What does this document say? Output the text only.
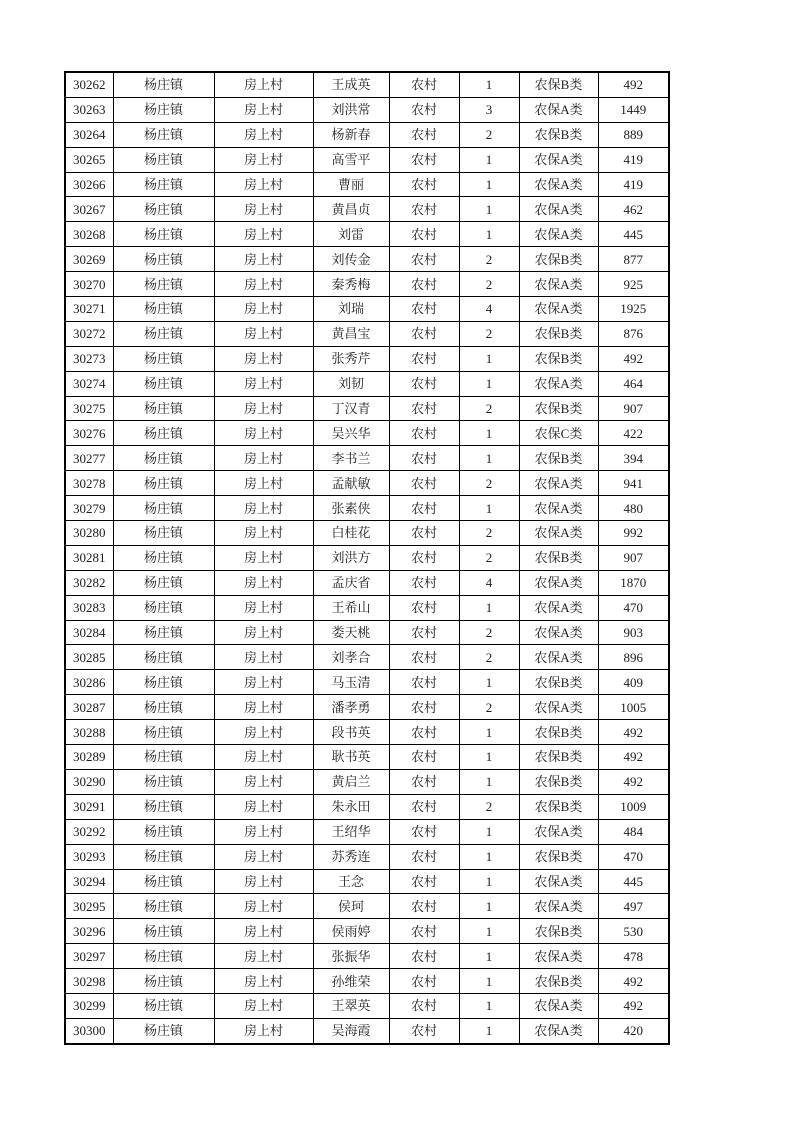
30262	杨庄镇	房上村	王成英	农村	1	农保B类	492
30263	杨庄镇	房上村	刘洪常	农村	3	农保A类	1449
30264	杨庄镇	房上村	杨新春	农村	2	农保B类	889
30265	杨庄镇	房上村	高雪平	农村	1	农保A类	419
30266	杨庄镇	房上村	曹丽	农村	1	农保A类	419
30267	杨庄镇	房上村	黄昌贞	农村	1	农保A类	462
30268	杨庄镇	房上村	刘雷	农村	1	农保A类	445
30269	杨庄镇	房上村	刘传金	农村	2	农保B类	877
30270	杨庄镇	房上村	秦秀梅	农村	2	农保A类	925
30271	杨庄镇	房上村	刘瑞	农村	4	农保A类	1925
30272	杨庄镇	房上村	黄昌宝	农村	2	农保B类	876
30273	杨庄镇	房上村	张秀芹	农村	1	农保B类	492
30274	杨庄镇	房上村	刘韧	农村	1	农保A类	464
30275	杨庄镇	房上村	丁汉青	农村	2	农保B类	907
30276	杨庄镇	房上村	吴兴华	农村	1	农保C类	422
30277	杨庄镇	房上村	李书兰	农村	1	农保B类	394
30278	杨庄镇	房上村	孟献敏	农村	2	农保A类	941
30279	杨庄镇	房上村	张素侠	农村	1	农保A类	480
30280	杨庄镇	房上村	白桂花	农村	2	农保A类	992
30281	杨庄镇	房上村	刘洪方	农村	2	农保B类	907
30282	杨庄镇	房上村	孟庆省	农村	4	农保A类	1870
30283	杨庄镇	房上村	王希山	农村	1	农保A类	470
30284	杨庄镇	房上村	娄天桃	农村	2	农保A类	903
30285	杨庄镇	房上村	刘孝合	农村	2	农保A类	896
30286	杨庄镇	房上村	马玉清	农村	1	农保B类	409
30287	杨庄镇	房上村	潘孝勇	农村	2	农保A类	1005
30288	杨庄镇	房上村	段书英	农村	1	农保B类	492
30289	杨庄镇	房上村	耿书英	农村	1	农保B类	492
30290	杨庄镇	房上村	黄启兰	农村	1	农保B类	492
30291	杨庄镇	房上村	朱永田	农村	2	农保B类	1009
30292	杨庄镇	房上村	王绍华	农村	1	农保A类	484
30293	杨庄镇	房上村	苏秀连	农村	1	农保B类	470
30294	杨庄镇	房上村	王念	农村	1	农保A类	445
30295	杨庄镇	房上村	侯珂	农村	1	农保A类	497
30296	杨庄镇	房上村	侯雨婷	农村	1	农保B类	530
30297	杨庄镇	房上村	张振华	农村	1	农保A类	478
30298	杨庄镇	房上村	孙维荣	农村	1	农保B类	492
30299	杨庄镇	房上村	王翠英	农村	1	农保A类	492
30300	杨庄镇	房上村	吴海霞	农村	1	农保A类	420
